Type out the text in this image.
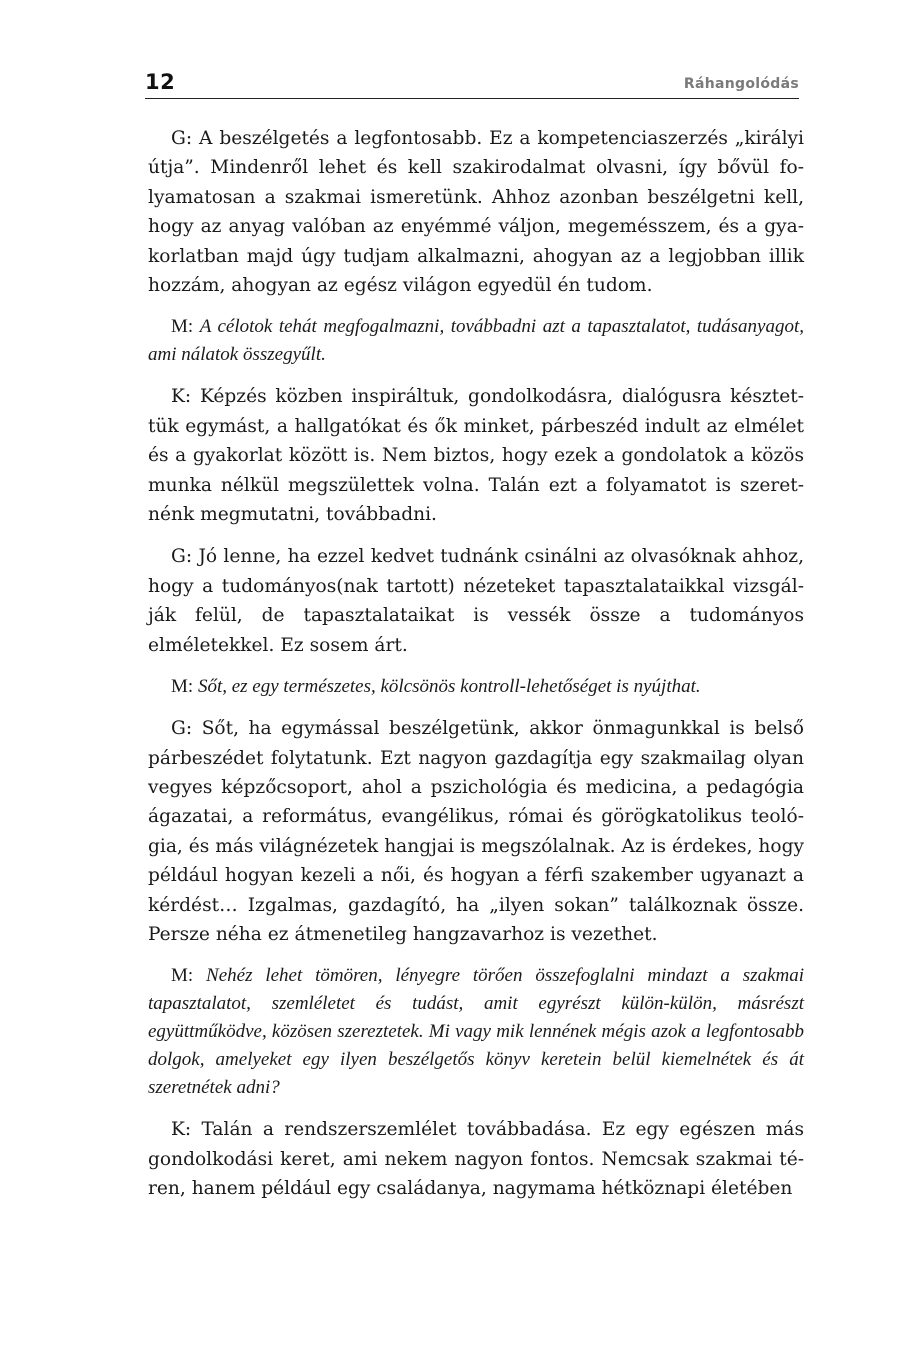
12	Ráhangolódás

G: A beszélgetés a legfontosabb. Ez a kompetenciaszerzés „királyi útja”. Mindenről lehet és kell szakirodalmat olvasni, így bővül folyamatosan a szakmai ismeretünk. Ahhoz azonban beszélgetni kell, hogy az anyag valóban az enyémmé váljon, megemésszem, és a gyakorlatban majd úgy tudjam alkalmazni, ahogyan az a legjobban illik hozzám, ahogyan az egész világon egyedül én tudom.

M: A célotok tehát megfogalmazni, továbbadni azt a tapasztalatot, tudásanyagot, ami nálatok összegyűlt.

K: Képzés közben inspiráltuk, gondolkodásra, dialógusra késztettük egymást, a hallgatókat és ők minket, párbeszéd indult az elmélet és a gyakorlat között is. Nem biztos, hogy ezek a gondolatok a közös munka nélkül megszülettek volna. Talán ezt a folyamatot is szeretnénk megmutatni, továbbadni.

G: Jó lenne, ha ezzel kedvet tudnánk csinálni az olvasóknak ahhoz, hogy a tudományos(nak tartott) nézeteket tapasztalataikkal vizsgálják felül, de tapasztalataikat is vessék össze a tudományos elméletekkel. Ez sosem árt.

M: Sőt, ez egy természetes, kölcsönös kontroll-lehetőséget is nyújthat.

G: Sőt, ha egymással beszélgetünk, akkor önmagunkkal is belső párbeszédet folytatunk. Ezt nagyon gazdagítja egy szakmailag olyan vegyes képzőcsoport, ahol a pszichológia és medicina, a pedagógia ágazatai, a református, evangélikus, római és görögkatolikus teológia, és más világnézetek hangjai is megszólalnak. Az is érdekes, hogy például hogyan kezeli a női, és hogyan a férfi szakember ugyanazt a kérdést… Izgalmas, gazdagító, ha „ilyen sokan” találkoznak össze. Persze néha ez átmenetileg hangzavarhoz is vezethet.

M: Nehéz lehet tömören, lényegre törően összefoglalni mindazt a szakmai tapasztalatot, szemléletet és tudást, amit egyrészt külön-külön, másrészt együttműködve, közösen szereztetek. Mi vagy mik lennének mégis azok a legfontosabb dolgok, amelyeket egy ilyen beszélgetős könyv keretein belül kiemelnétek és át szeretnétek adni?

K: Talán a rendszerszemlélet továbbadása. Ez egy egészen más gondolkodási keret, ami nekem nagyon fontos. Nemcsak szakmai téren, hanem például egy családanya, nagymama hétköznapi életében
